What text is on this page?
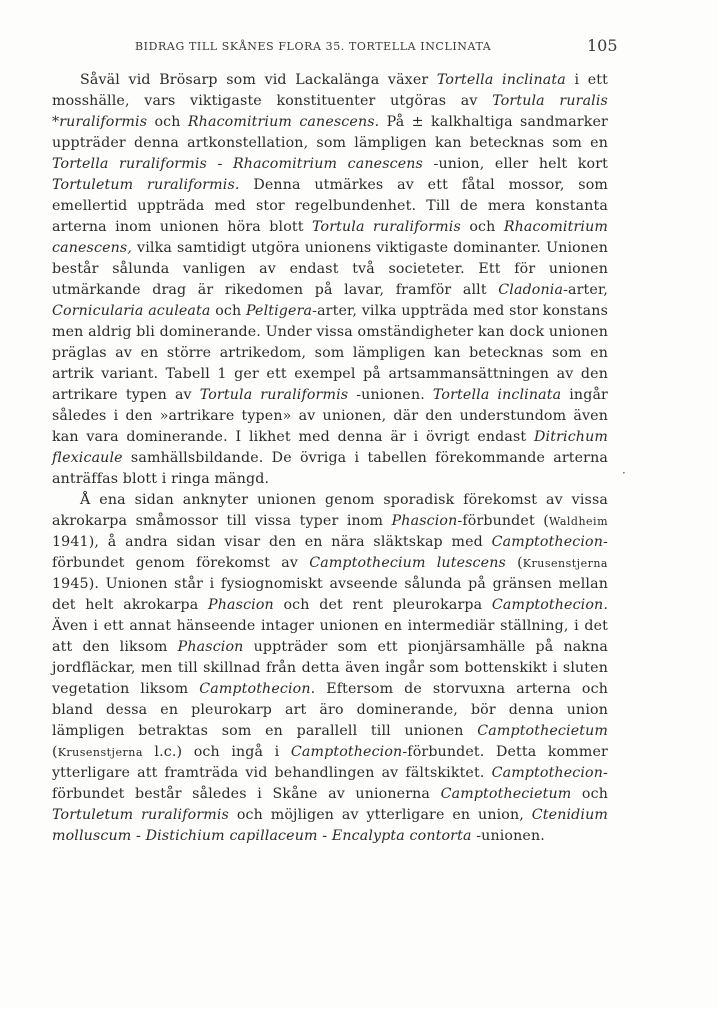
BIDRAG TILL SKÅNES FLORA 35. TORTELLA INCLINATA	105

Såväl vid Brösarp som vid Lackalänga växer Tortella inclinata i ett mosshälle, vars viktigaste konstituenter utgöras av Tortula ruralis *ruraliformis och Rhacomitrium canescens. På ± kalkhaltiga sandmarker uppträder denna artkonstellation, som lämpligen kan betecknas som en Tortella ruraliformis - Rhacomitrium canescens -union, eller helt kort Tortuletum ruraliformis. Denna utmärkes av ett fåtal mossor, som emellertid uppträda med stor regelbundenhet. Till de mera konstanta arterna inom unionen höra blott Tortula ruraliformis och Rhacomitrium canescens, vilka samtidigt utgöra unionens viktigaste dominanter. Unionen består sålunda vanligen av endast två societeter. Ett för unionen utmärkande drag är rikedomen på lavar, framför allt Cladonia-arter, Cornicularia aculeata och Peltigera-arter, vilka uppträda med stor konstans men aldrig bli dominerande. Under vissa omständigheter kan dock unionen präglas av en större artrikedom, som lämpligen kan betecknas som en artrik variant. Tabell 1 ger ett exempel på artsammansättningen av den artrikare typen av Tortula ruraliformis -unionen. Tortella inclinata ingår således i den »artrikare typen» av unionen, där den understundom även kan vara dominerande. I likhet med denna är i övrigt endast Ditrichum flexicaule samhällsbildande. De övriga i tabellen förekommande arterna anträffas blott i ringa mängd.

Å ena sidan anknyter unionen genom sporadisk förekomst av vissa akrokarpa småmossor till vissa typer inom Phascion-förbundet (Waldheim 1941), å andra sidan visar den en nära släktskap med Camptothecion-förbundet genom förekomst av Camptothecium lutescens (Krusenstjerna 1945). Unionen står i fysiognomiskt avseende sålunda på gränsen mellan det helt akrokarpa Phascion och det rent pleurokarpa Camptothecion. Även i ett annat hänseende intager unionen en intermediär ställning, i det att den liksom Phascion uppträder som ett pionjärsamhälle på nakna jordfläckar, men till skillnad från detta även ingår som bottenskikt i sluten vegetation liksom Camptothecion. Eftersom de storvuxna arterna och bland dessa en pleurokarp art äro dominerande, bör denna union lämpligen betraktas som en parallell till unionen Camptothecietum (Krusenstjerna l.c.) och ingå i Camptothecion-förbundet. Detta kommer ytterligare att framträda vid behandlingen av fältskiktet. Camptothecion-förbundet består således i Skåne av unionerna Camptothecietum och Tortuletum ruraliformis och möjligen av ytterligare en union, Ctenidium molluscum - Distichium capillaceum - Encalypta contorta -unionen.

·
